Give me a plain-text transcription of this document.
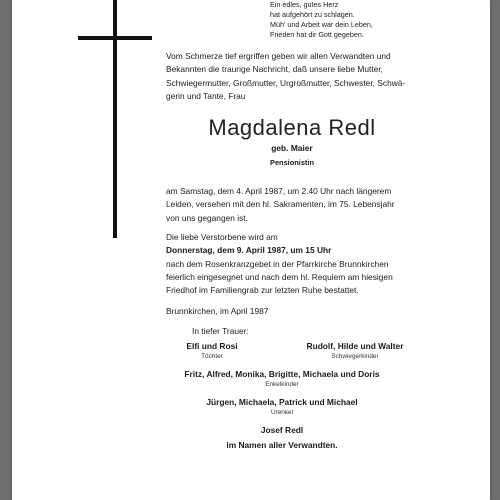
Ein edles, gutes Herz
hat aufgehört zu schlagen.
Müh' und Arbeit war dein Leben,
Frieden hat dir Gott gegeben.
Vom Schmerze tief ergriffen geben wir allen Verwandten und
Bekannten die traurige Nachricht, daß unsere liebe Mutter,
Schwiegermutter, Großmutter, Urgroßmutter, Schwester, Schwä-
gerin und Tante, Frau
Magdalena Redl
geb. Maier
Pensionistin
am Samstag, dem 4. April 1987, um 2.40 Uhr nach längerem
Leiden, versehen mit den hl. Sakramenten, im 75. Lebensjahr
von uns gegangen ist.
Die liebe Verstorbene wird am
Donnerstag, dem 9. April 1987, um 15 Uhr
nach dem Rosenkranzgebet in der Pfarrkirche Brunnkirchen
feierlich eingesegnet und nach dem hl. Requiem am hiesigen
Friedhof im Familiengrab zur letzten Ruhe bestattet.
Brunnkirchen, im April 1987
In tiefer Trauer:
Elfi und Rosi
Töchter
Rudolf, Hilde und Walter
Schwiegerkinder
Fritz, Alfred, Monika, Brigitte, Michaela und Doris
Enkelkinder
Jürgen, Michaela, Patrick und Michael
Urenkel
Josef Redl
im Namen aller Verwandten.
